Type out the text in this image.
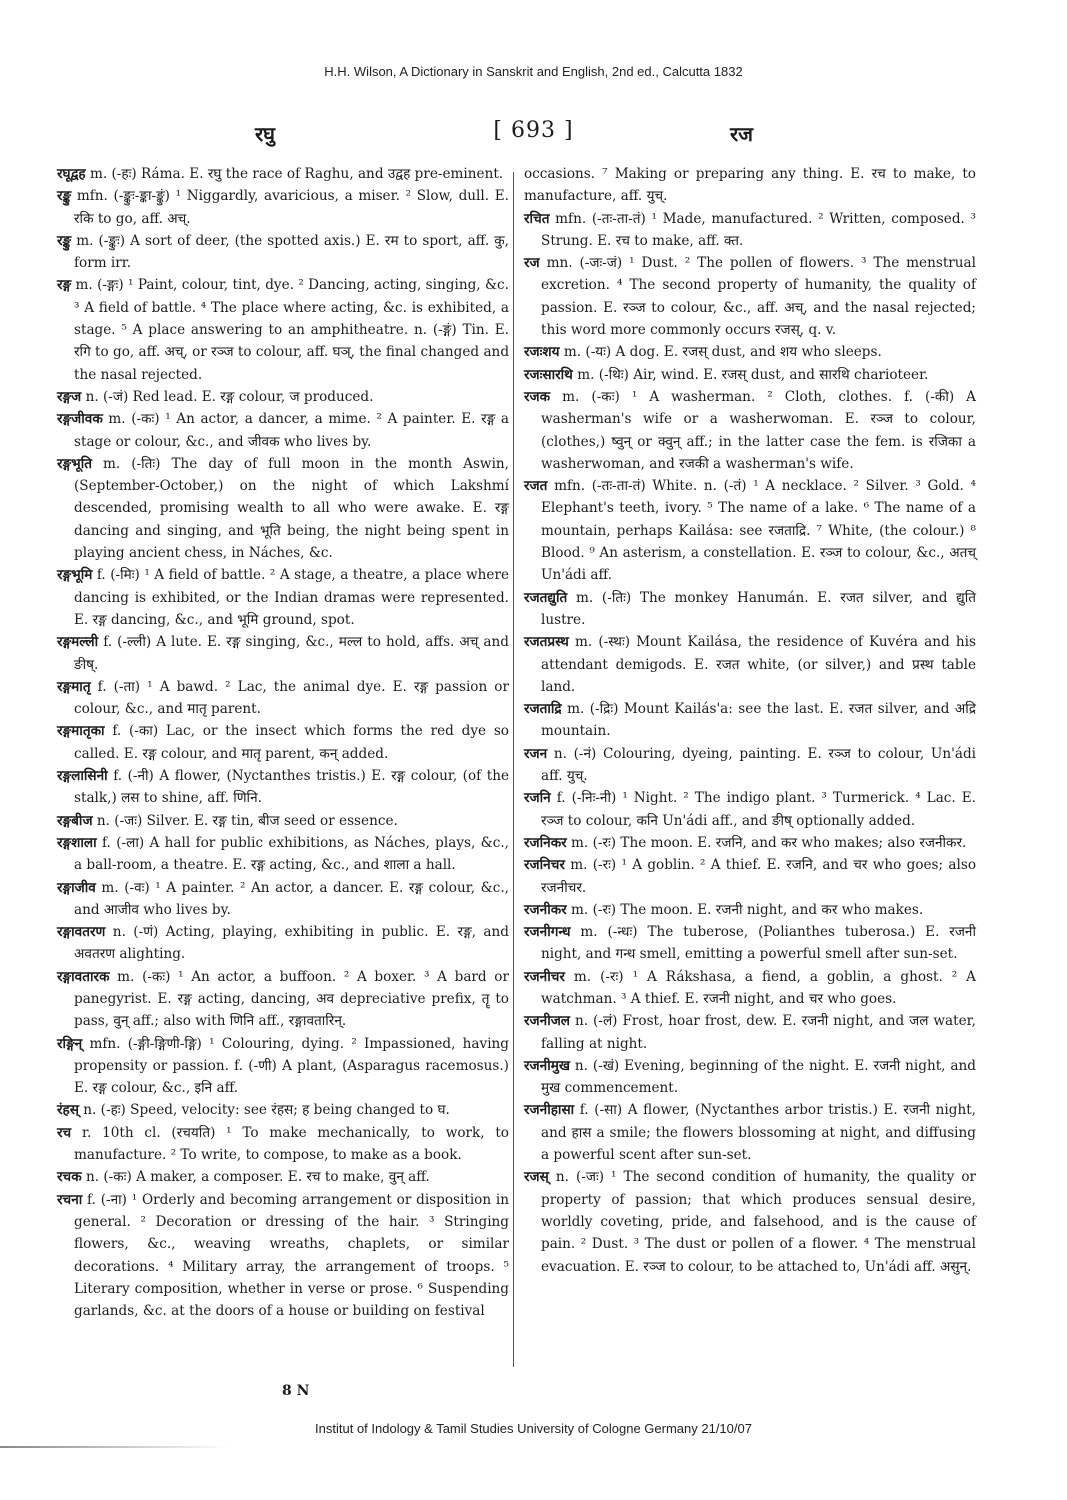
H.H. Wilson, A Dictionary in Sanskrit and English, 2nd ed., Calcutta 1832
रघु	[ 693 ]	रज

रघूद्वह m. (-हः) Ráma. E. रघु the race of Raghu, and उद्वह pre-eminent.

रङ्कु mfn. (-ङ्कुः-ङ्का-ङ्कुं) ¹ Niggardly, avaricious, a miser. ² Slow, dull. E. रकि to go, aff. अच्.

रङ्कु m. (-ङ्कुः) A sort of deer, (the spotted axis.) E. रम to sport, aff. कु, form irr.

रङ्ग m. (-ङ्गः) ¹ Paint, colour, tint, dye. ² Dancing, acting, singing, &c. ³ A field of battle. ⁴ The place where acting, &c. is exhibited, a stage. ⁵ A place answering to an amphitheatre. n. (-ङ्गं) Tin. E. रगि to go, aff. अच्, or रञ्ज to colour, aff. घञ्, the final changed and the nasal rejected.

रङ्गज n. (-जं) Red lead. E. रङ्ग colour, ज produced.

रङ्गजीवक m. (-कः) ¹ An actor, a dancer, a mime. ² A painter. E. रङ्ग a stage or colour, &c., and जीवक who lives by.

रङ्गभूति m. (-तिः) The day of full moon in the month Aswin, (September-October,) on the night of which Lakshmí descended, promising wealth to all who were awake. E. रङ्ग dancing and singing, and भूति being, the night being spent in playing ancient chess, in Náches, &c.

रङ्गभूमि f. (-मिः) ¹ A field of battle. ² A stage, a theatre, a place where dancing is exhibited, or the Indian dramas were represented. E. रङ्ग dancing, &c., and भूमि ground, spot.

रङ्गमल्ली f. (-ल्ली) A lute. E. रङ्ग singing, &c., मल्ल to hold, affs. अच् and ङीष्.

रङ्गमातृ f. (-ता) ¹ A bawd. ² Lac, the animal dye. E. रङ्ग passion or colour, &c., and मातृ parent.

रङ्गमातृका f. (-का) Lac, or the insect which forms the red dye so called. E. रङ्ग colour, and मातृ parent, कन् added.

रङ्गलासिनी f. (-नी) A flower, (Nyctanthes tristis.) E. रङ्ग colour, (of the stalk,) लस to shine, aff. णिनि.

रङ्गबीज n. (-जः) Silver. E. रङ्ग tin, बीज seed or essence.

रङ्गशाला f. (-ला) A hall for public exhibitions, as Náches, plays, &c., a ball-room, a theatre. E. रङ्ग acting, &c., and शाला a hall.

रङ्गाजीव m. (-वः) ¹ A painter. ² An actor, a dancer. E. रङ्ग colour, &c., and आजीव who lives by.

रङ्गावतरण n. (-णं) Acting, playing, exhibiting in public. E. रङ्ग, and अवतरण alighting.

रङ्गावतारक m. (-कः) ¹ An actor, a buffoon. ² A boxer. ³ A bard or panegyrist. E. रङ्ग acting, dancing, अव depreciative prefix, तॄ to pass, वुन् aff.; also with णिनि aff., रङ्गावतारिन्.

रङ्गिन् mfn. (-ङ्गी-ङ्गिणी-ङ्गि) ¹ Colouring, dying. ² Impassioned, having propensity or passion. f. (-णी) A plant, (Asparagus racemosus.) E. रङ्ग colour, &c., इनि aff.

रंहस् n. (-हः) Speed, velocity: see रंहस; ह being changed to घ.

रच r. 10th cl. (रचयति) ¹ To make mechanically, to work, to manufacture. ² To write, to compose, to make as a book.

रचक n. (-कः) A maker, a composer. E. रच to make, वुन् aff.

रचना f. (-ना) ¹ Orderly and becoming arrangement or disposition in general. ² Decoration or dressing of the hair. ³ Stringing flowers, &c., weaving wreaths, chaplets, or similar decorations. ⁴ Military array, the arrangement of troops. ⁵ Literary composition, whether in verse or prose. ⁶ Suspending garlands, &c. at the doors of a house or building on festival

occasions. ⁷ Making or preparing any thing. E. रच to make, to manufacture, aff. युच्.

रचित mfn. (-तः-ता-तं) ¹ Made, manufactured. ² Written, composed. ³ Strung. E. रच to make, aff. क्त.

रज mn. (-जः-जं) ¹ Dust. ² The pollen of flowers. ³ The menstrual excretion. ⁴ The second property of humanity, the quality of passion. E. रञ्ज to colour, &c., aff. अच्, and the nasal rejected; this word more commonly occurs रजस्, q. v.

रजःशय m. (-यः) A dog. E. रजस् dust, and शय who sleeps.

रजःसारथि m. (-थिः) Air, wind. E. रजस् dust, and सारथि charioteer.

रजक m. (-कः) ¹ A washerman. ² Cloth, clothes. f. (-की) A washerman's wife or a washerwoman. E. रञ्ज to colour, (clothes,) ष्वुन् or क्वुन् aff.; in the latter case the fem. is रजिका a washerwoman, and रजकी a washerman's wife.

रजत mfn. (-तः-ता-तं) White. n. (-तं) ¹ A necklace. ² Silver. ³ Gold. ⁴ Elephant's teeth, ivory. ⁵ The name of a lake. ⁶ The name of a mountain, perhaps Kailása: see रजताद्रि. ⁷ White, (the colour.) ⁸ Blood. ⁹ An asterism, a constellation. E. रञ्ज to colour, &c., अतच् Un'ádi aff.

रजतद्युति m. (-तिः) The monkey Hanumán. E. रजत silver, and द्युति lustre.

रजतप्रस्थ m. (-स्थः) Mount Kailása, the residence of Kuvéra and his attendant demigods. E. रजत white, (or silver,) and प्रस्थ table land.

रजताद्रि m. (-द्रिः) Mount Kailás'a: see the last. E. रजत silver, and अद्रि mountain.

रजन n. (-नं) Colouring, dyeing, painting. E. रञ्ज to colour, Un'ádi aff. युच्.

रजनि f. (-निः-नी) ¹ Night. ² The indigo plant. ³ Turmerick. ⁴ Lac. E. रञ्ज to colour, कनि Un'ádi aff., and ङीष् optionally added.

रजनिकर m. (-रः) The moon. E. रजनि, and कर who makes; also रजनीकर.

रजनिचर m. (-रः) ¹ A goblin. ² A thief. E. रजनि, and चर who goes; also रजनीचर.

रजनीकर m. (-रः) The moon. E. रजनी night, and कर who makes.

रजनीगन्ध m. (-न्धः) The tuberose, (Polianthes tuberosa.) E. रजनी night, and गन्ध smell, emitting a powerful smell after sun-set.

रजनीचर m. (-रः) ¹ A Rákshasa, a fiend, a goblin, a ghost. ² A watchman. ³ A thief. E. रजनी night, and चर who goes.

रजनीजल n. (-लं) Frost, hoar frost, dew. E. रजनी night, and जल water, falling at night.

रजनीमुख n. (-खं) Evening, beginning of the night. E. रजनी night, and मुख commencement.

रजनीहासा f. (-सा) A flower, (Nyctanthes arbor tristis.) E. रजनी night, and हास a smile; the flowers blossoming at night, and diffusing a powerful scent after sun-set.

रजस् n. (-जः) ¹ The second condition of humanity, the quality or property of passion; that which produces sensual desire, worldly coveting, pride, and falsehood, and is the cause of pain. ² Dust. ³ The dust or pollen of a flower. ⁴ The menstrual evacuation. E. रञ्ज to colour, to be attached to, Un'ádi aff. असुन्.

8 N
Institut of Indology & Tamil Studies University of Cologne Germany 21/10/07
